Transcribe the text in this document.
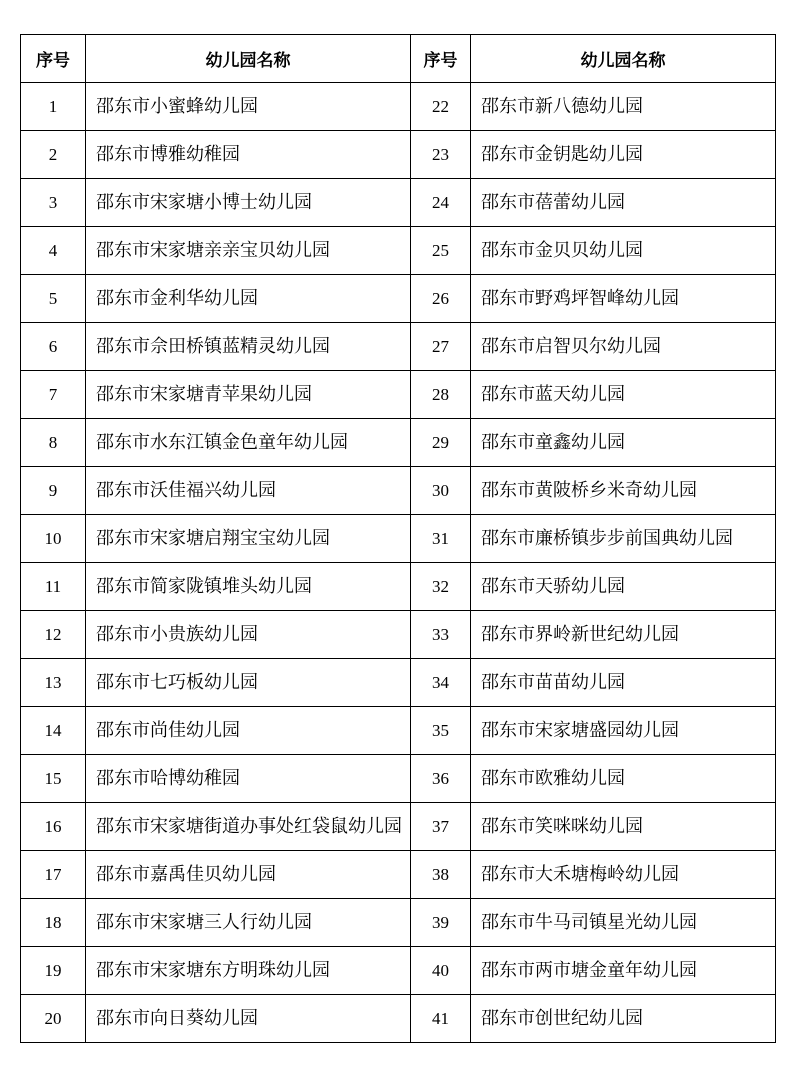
序号	幼儿园名称	序号	幼儿园名称
1	邵东市小蜜蜂幼儿园	22	邵东市新八德幼儿园
2	邵东市博雅幼稚园	23	邵东市金钥匙幼儿园
3	邵东市宋家塘小博士幼儿园	24	邵东市蓓蕾幼儿园
4	邵东市宋家塘亲亲宝贝幼儿园	25	邵东市金贝贝幼儿园
5	邵东市金利华幼儿园	26	邵东市野鸡坪智峰幼儿园
6	邵东市佘田桥镇蓝精灵幼儿园	27	邵东市启智贝尔幼儿园
7	邵东市宋家塘青苹果幼儿园	28	邵东市蓝天幼儿园
8	邵东市水东江镇金色童年幼儿园	29	邵东市童鑫幼儿园
9	邵东市沃佳福兴幼儿园	30	邵东市黄陂桥乡米奇幼儿园
10	邵东市宋家塘启翔宝宝幼儿园	31	邵东市廉桥镇步步前国典幼儿园
11	邵东市简家陇镇堆头幼儿园	32	邵东市天骄幼儿园
12	邵东市小贵族幼儿园	33	邵东市界岭新世纪幼儿园
13	邵东市七巧板幼儿园	34	邵东市苗苗幼儿园
14	邵东市尚佳幼儿园	35	邵东市宋家塘盛园幼儿园
15	邵东市哈博幼稚园	36	邵东市欧雅幼儿园
16	邵东市宋家塘街道办事处红袋鼠幼儿园	37	邵东市笑咪咪幼儿园
17	邵东市嘉禹佳贝幼儿园	38	邵东市大禾塘梅岭幼儿园
18	邵东市宋家塘三人行幼儿园	39	邵东市牛马司镇星光幼儿园
19	邵东市宋家塘东方明珠幼儿园	40	邵东市两市塘金童年幼儿园
20	邵东市向日葵幼儿园	41	邵东市创世纪幼儿园
